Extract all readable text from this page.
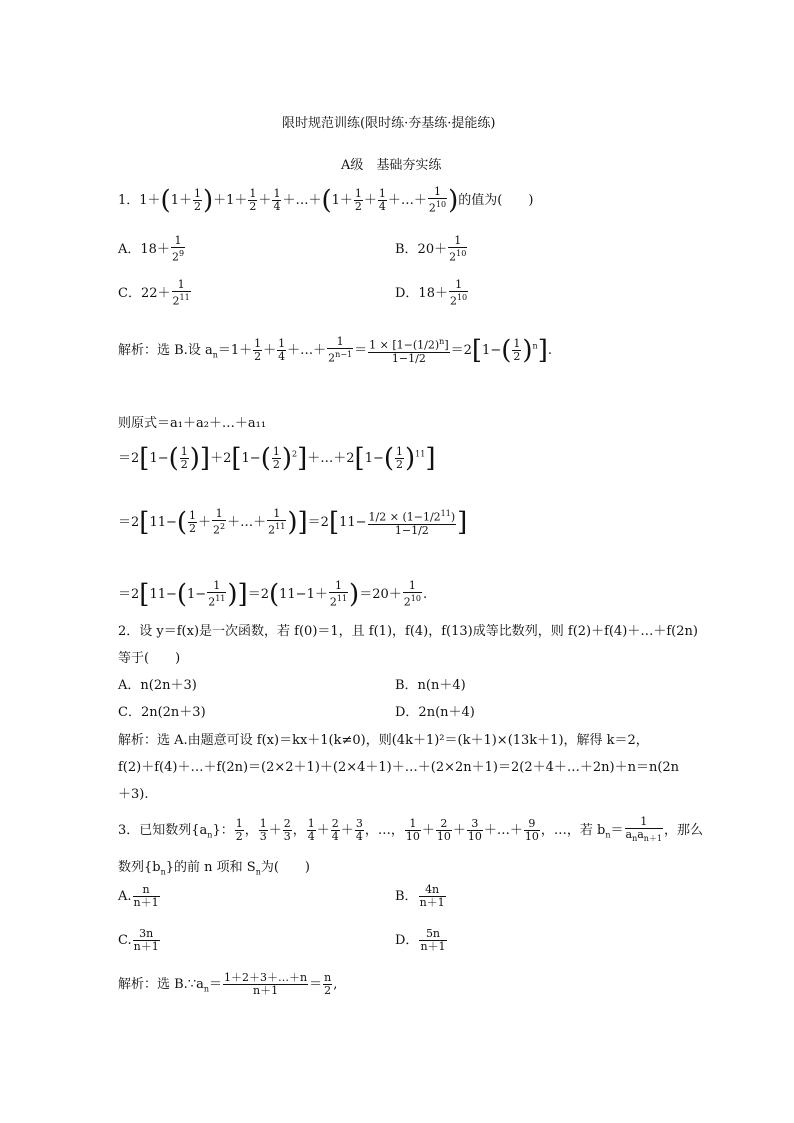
限时规范训练(限时练·夯基练·提能练)
A级　基础夯实练
1．$1+(1+ \frac{1}{2} )+1+ \frac{1}{2} + \frac{1}{4}$ ＋…＋(1＋ $\frac{1}{2} + \frac{1}{4}$ ＋…＋ $\frac{1}{2^{10}}$ )的值为(　　)
A．$18+ \frac{1}{2^9}$	B．$20+ \frac{1}{2^{10}}$
C．$22+ \frac{1}{2^{11}}$	D．$18+ \frac{1}{2^{10}}$
解析：选 B.设 $a_n=1+ \frac{1}{2} + \frac{1}{4}$ ＋…＋ $\frac{1}{2^{n-1}} = \frac{1 \times [1-(1/2)^n]}{1-1/2} =2[1-( \frac{1}{2} )^n]$.
则原式＝a₁＋a₂＋…＋a₁₁
$=2[1-( \frac{1}{2} )]+2[1-( \frac{1}{2}$ )$^2]+\dots+2[1-( \frac{1}{2} )^{11}]$
$=2[11-( \frac{1}{2} + \frac{1}{2^2}$ ＋…＋ $\frac{1}{2^{11}} )]=2[11- \frac{1/2 \times (1-1/2^{11})}{1-1/2}$ ]
$=2[11-(1- \frac{1}{2^{11}} )]=2(11-1+ \frac{1}{2^{11}} )=20+ \frac{1}{2^{10}}$ .
2．设 y＝f(x)是一次函数，若 f(0)＝1，且 f(1)，f(4)，f(13)成等比数列，则 f(2)＋f(4)＋…＋f(2n)
等于(　　)
A．n(2n＋3)	B．n(n＋4)
C．2n(2n＋3)	D．2n(n＋4)
解析：选 A.由题意可设 f(x)＝kx＋1(k≠0)，则(4k＋1)²＝(k＋1)×(13k＋1)，解得 k＝2，
f(2)＋f(4)＋…＋f(2n)＝(2×2＋1)＋(2×4＋1)＋…＋(2×2n＋1)＝2(2＋4＋…＋2n)＋n＝n(2n
＋3).
3．已知数列$\{a_n\}$： $\frac{1}{2}$ ， $\frac{1}{3} + \frac{2}{3}$ ， $\frac{1}{4} + \frac{2}{4} + \frac{3}{4}$ ，…， $\frac{1}{10} + \frac{2}{10} + \frac{3}{10}$ ＋…＋ $\frac{9}{10}$ ，…，若 $b_n= \frac{1}{a_na_{n+1}}$ ，那么
数列$\{b_n\}$的前 n 项和 $S_n$为(　　)
A. $\frac{n}{n+1}$	B． $\frac{4n}{n+1}$
C. $\frac{3n}{n+1}$	D． $\frac{5n}{n+1}$
解析：选 $B.\because a_n= \frac{1+2+3+\dots+n}{n+1} = \frac{n}{2}$ ,
